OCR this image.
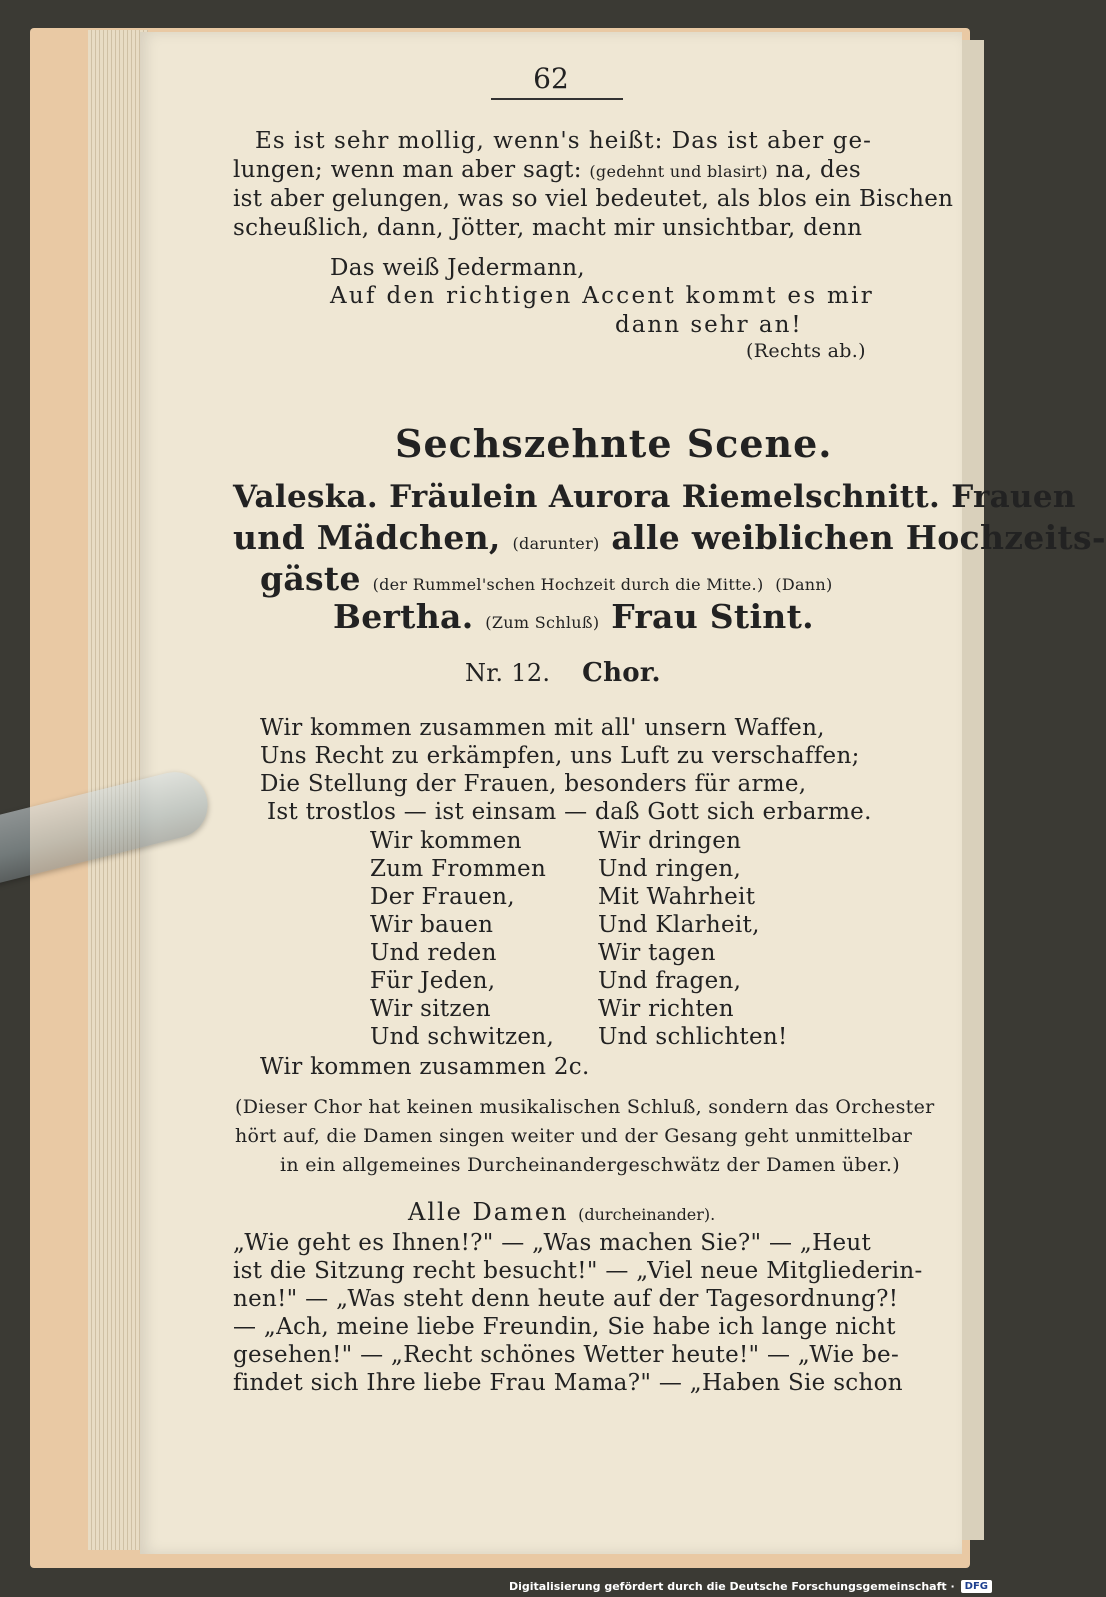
62
Es ist sehr mollig, wenn's heißt: Das ist aber ge-
lungen; wenn man aber sagt: (gedehnt und blasirt) na, des
ist aber gelungen, was so viel bedeutet, als blos ein Bischen
scheußlich, dann, Jötter, macht mir unsichtbar, denn
Das weiß Jedermann,
Auf den richtigen Accent kommt es mir
dann sehr an!
(Rechts ab.)
Sechszehnte Scene.
Valeska. Fräulein Aurora Riemelschnitt. Frauen
und Mädchen, (darunter) alle weiblichen Hochzeits-
gäste (der Rummel'schen Hochzeit durch die Mitte.) (Dann)
Bertha. (Zum Schluß) Frau Stint.
Nr. 12. Chor.
Wir kommen zusammen mit all' unsern Waffen,
Uns Recht zu erkämpfen, uns Luft zu verschaffen;
Die Stellung der Frauen, besonders für arme,
Ist trostlos — ist einsam — daß Gott sich erbarme.
Wir kommen
Zum Frommen
Der Frauen,
Wir bauen
Und reden
Für Jeden,
Wir sitzen
Und schwitzen,
Wir dringen
Und ringen,
Mit Wahrheit
Und Klarheit,
Wir tagen
Und fragen,
Wir richten
Und schlichten!
Wir kommen zusammen 2c.
(Dieser Chor hat keinen musikalischen Schluß, sondern das Orchester
hört auf, die Damen singen weiter und der Gesang geht unmittelbar
in ein allgemeines Durcheinandergeschwätz der Damen über.)
Alle Damen (durcheinander).
„Wie geht es Ihnen!?" — „Was machen Sie?" — „Heut
ist die Sitzung recht besucht!" — „Viel neue Mitgliederin-
nen!" — „Was steht denn heute auf der Tagesordnung?!
— „Ach, meine liebe Freundin, Sie habe ich lange nicht
gesehen!" — „Recht schönes Wetter heute!" — „Wie be-
findet sich Ihre liebe Frau Mama?" — „Haben Sie schon
Digitalisierung gefördert durch die Deutsche Forschungsgemeinschaft ·	DFG
